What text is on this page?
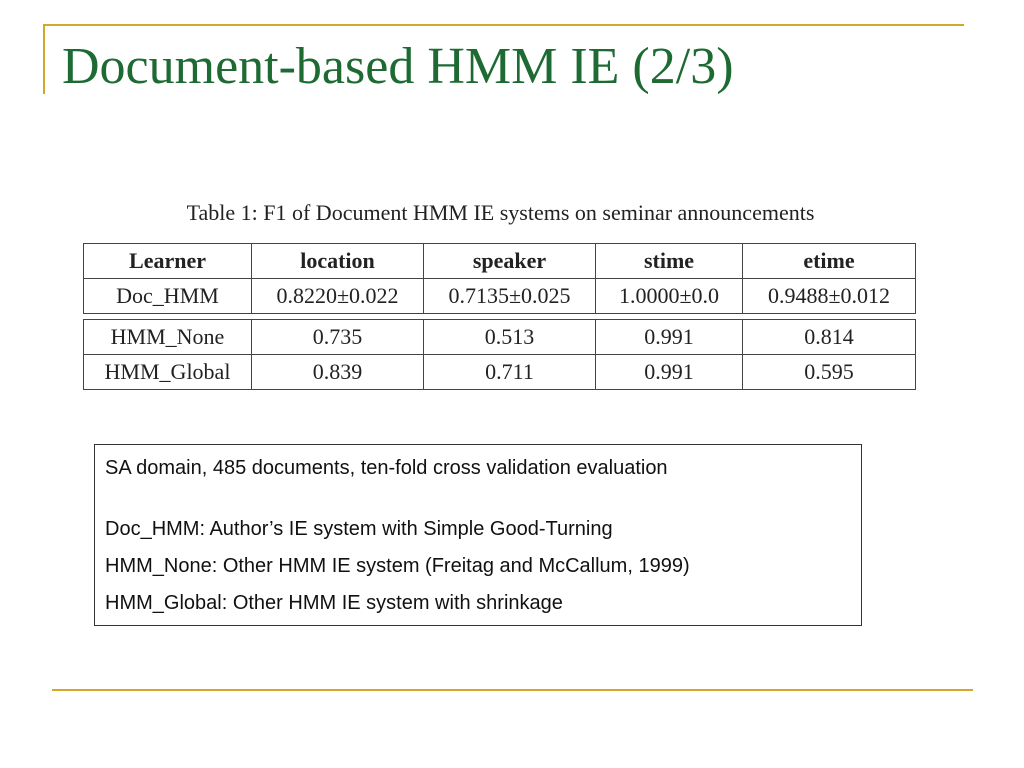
Document-based HMM IE (2/3)
Table 1: F1 of Document HMM IE systems on seminar announcements
Learner	location	speaker	stime	etime
Doc_HMM	0.8220±0.022	0.7135±0.025	1.0000±0.0	0.9488±0.012
HMM_None	0.735	0.513	0.991	0.814
HMM_Global	0.839	0.711	0.991	0.595
SA domain, 485 documents, ten-fold cross validation evaluation
Doc_HMM: Author’s IE system with Simple Good-Turning
HMM_None: Other HMM IE system (Freitag and McCallum, 1999)
HMM_Global: Other HMM IE system with shrinkage
